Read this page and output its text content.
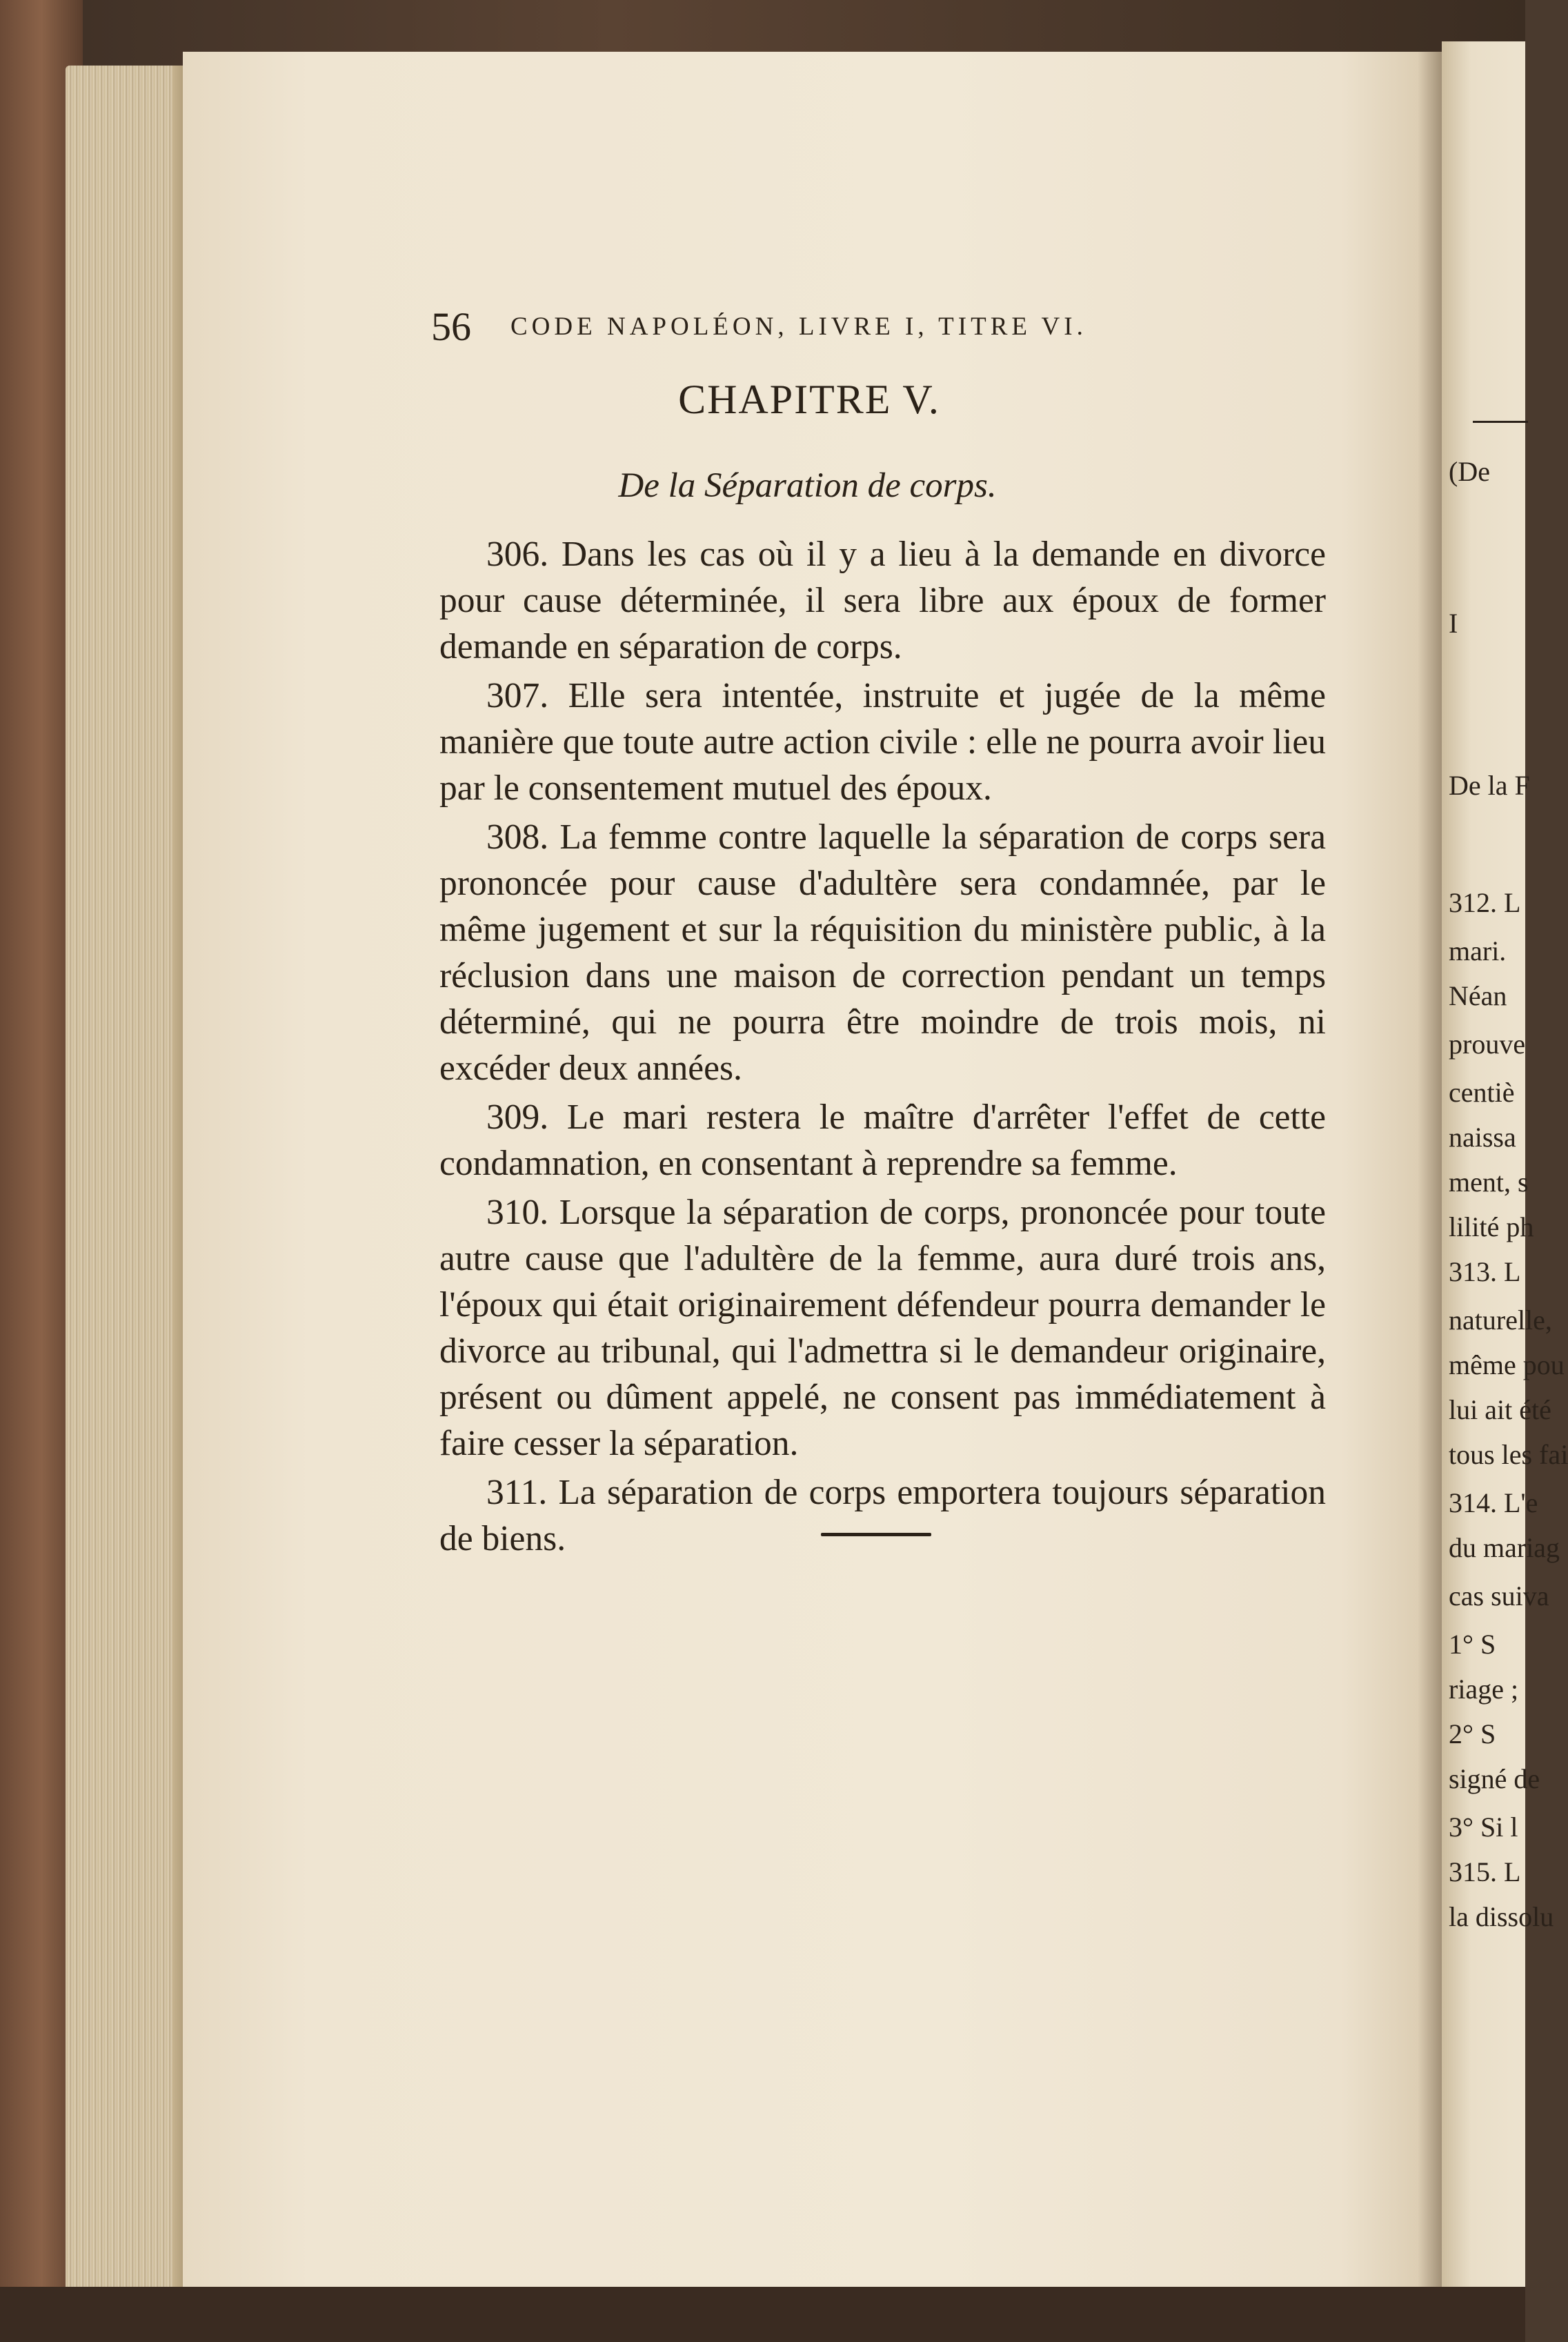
(De
I
De la F
312. L
mari.
Néan
prouve
centiè
naissa
ment, s
lilité ph
313. L
naturelle,
même pou
lui ait été
tous les fai
314. L'e
du mariag
cas suiva
1° S
riage ;
2° S
signé de
3° Si l
315. L
la dissolu
56 CODE NAPOLÉON, LIVRE I, TITRE VI.
CHAPITRE V.
De la Séparation de corps.

306. Dans les cas où il y a lieu à la demande en divorce pour cause déterminée, il sera libre aux époux de former demande en séparation de corps.

307. Elle sera intentée, instruite et jugée de la même manière que toute autre action civile : elle ne pourra avoir lieu par le consentement mutuel des époux.

308. La femme contre laquelle la séparation de corps sera prononcée pour cause d'adultère sera condamnée, par le même jugement et sur la réquisition du ministère public, à la réclusion dans une maison de correction pendant un temps déterminé, qui ne pourra être moindre de trois mois, ni excéder deux années.

309. Le mari restera le maître d'arrêter l'effet de cette condamnation, en consentant à reprendre sa femme.

310. Lorsque la séparation de corps, prononcée pour toute autre cause que l'adultère de la femme, aura duré trois ans, l'époux qui était originairement défendeur pourra demander le divorce au tribunal, qui l'admettra si le demandeur originaire, présent ou dûment appelé, ne consent pas immédiatement à faire cesser la séparation.

311. La séparation de corps emportera toujours séparation de biens.
